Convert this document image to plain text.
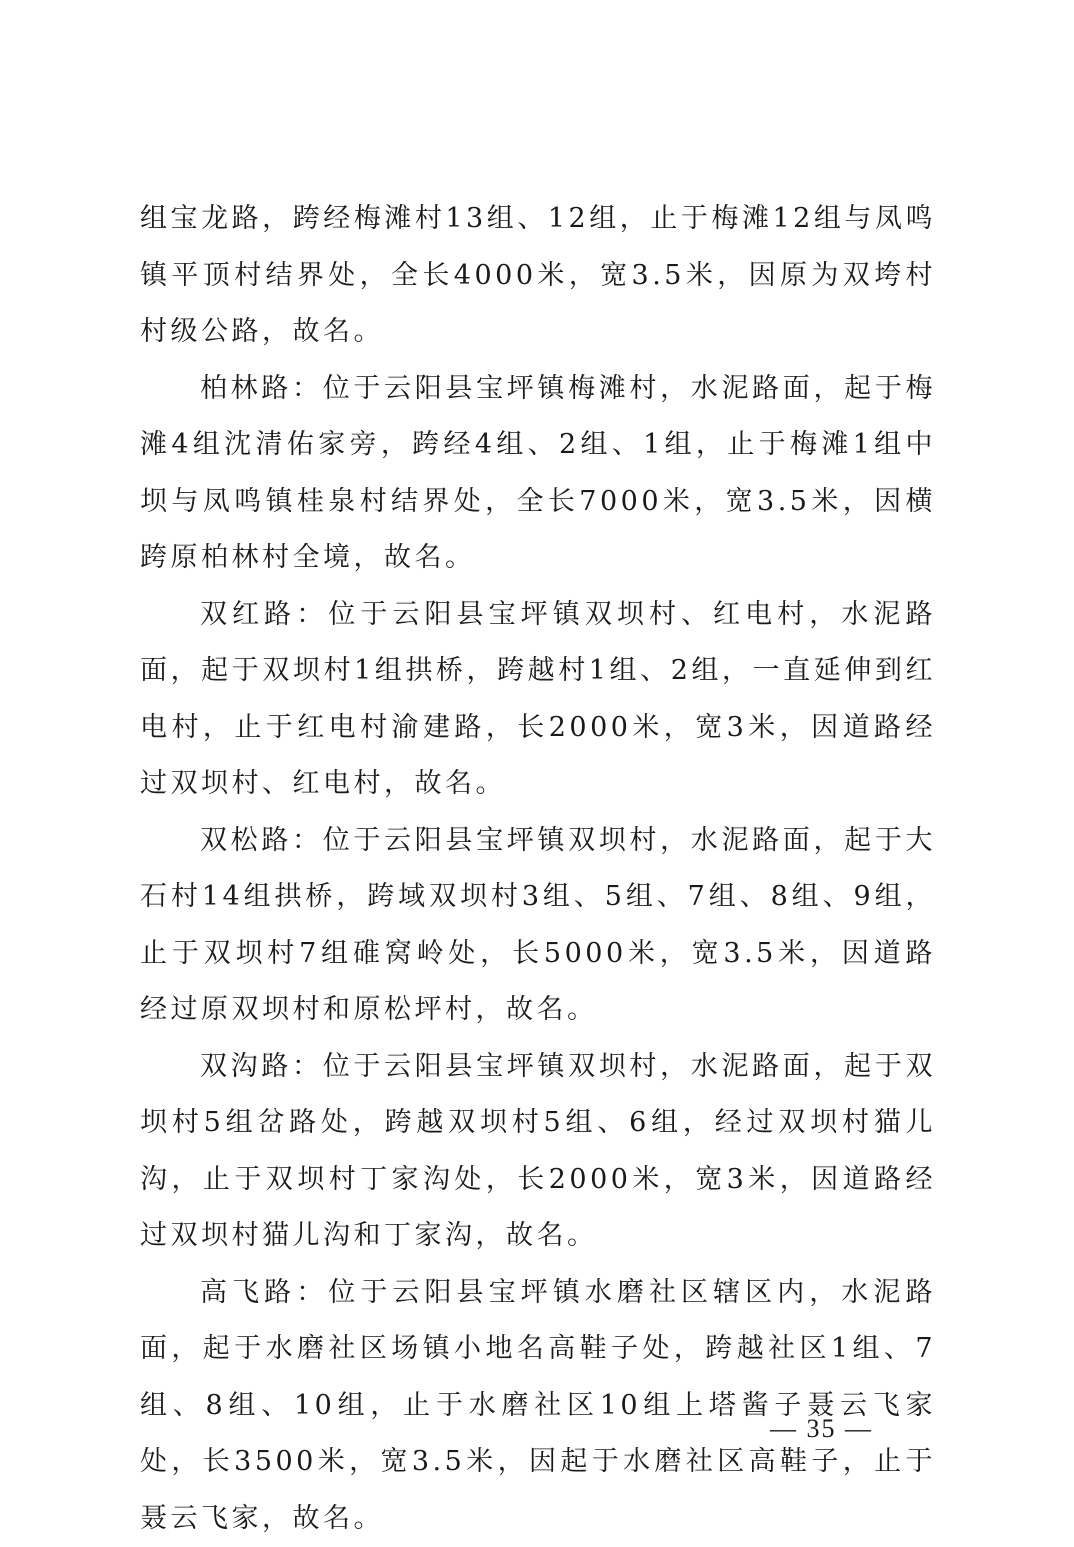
组宝龙路，跨经梅滩村13组、12组，止于梅滩12组与凤鸣镇平顶村结界处，全长4000米，宽3.5米，因原为双垮村村级公路，故名。

柏林路：位于云阳县宝坪镇梅滩村，水泥路面，起于梅滩4组沈清佑家旁，跨经4组、2组、1组，止于梅滩1组中坝与凤鸣镇桂泉村结界处，全长7000米，宽3.5米，因横跨原柏林村全境，故名。

双红路：位于云阳县宝坪镇双坝村、红电村，水泥路面，起于双坝村1组拱桥，跨越村1组、2组，一直延伸到红电村，止于红电村渝建路，长2000米，宽3米，因道路经过双坝村、红电村，故名。

双松路：位于云阳县宝坪镇双坝村，水泥路面，起于大石村14组拱桥，跨域双坝村3组、5组、7组、8组、9组，止于双坝村7组碓窝岭处，长5000米，宽3.5米，因道路经过原双坝村和原松坪村，故名。

双沟路：位于云阳县宝坪镇双坝村，水泥路面，起于双坝村5组岔路处，跨越双坝村5组、6组，经过双坝村猫儿沟，止于双坝村丁家沟处，长2000米，宽3米，因道路经过双坝村猫儿沟和丁家沟，故名。

高飞路：位于云阳县宝坪镇水磨社区辖区内，水泥路面，起于水磨社区场镇小地名高鞋子处，跨越社区1组、7组、8组、10组，止于水磨社区10组上塔酱子聂云飞家处，长3500米，宽3.5米，因起于水磨社区高鞋子，止于聂云飞家，故名。

— 35 —
